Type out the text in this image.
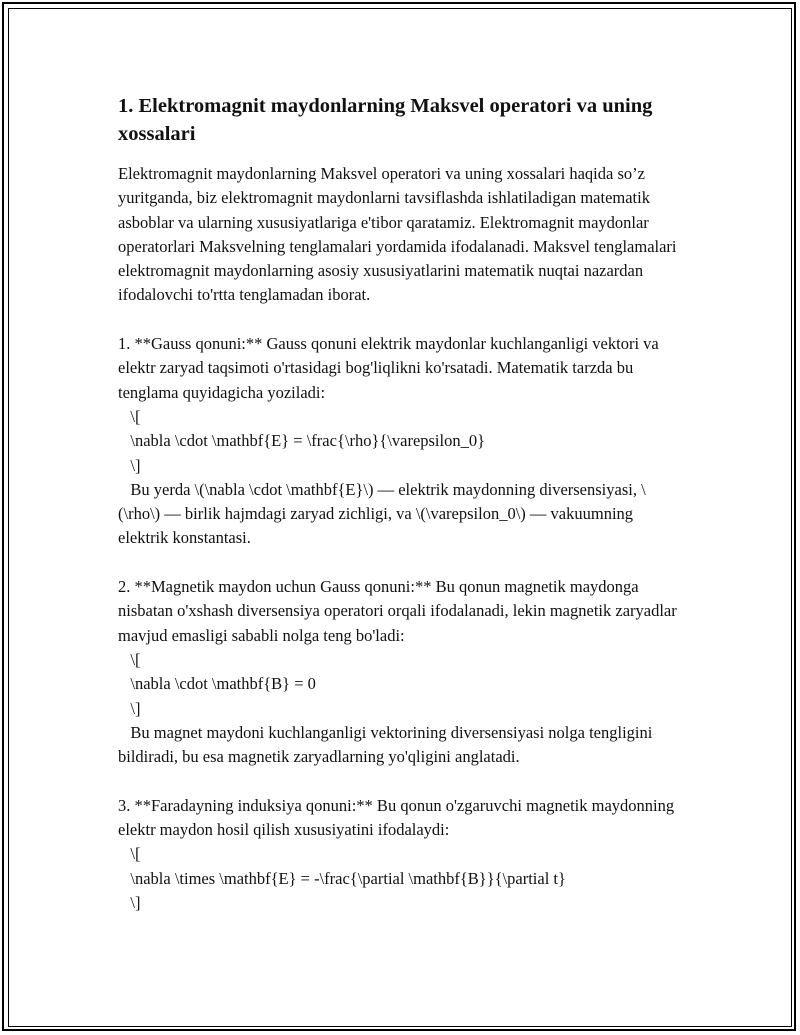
1. Elektromagnit maydonlarning Maksvel operatori va uning xossalari

Elektromagnit maydonlarning Maksvel operatori va uning xossalari haqida so’z yuritganda, biz elektromagnit maydonlarni tavsiflashda ishlatiladigan matematik asboblar va ularning xususiyatlariga e'tibor qaratamiz. Elektromagnit maydonlar operatorlari Maksvelning tenglamalari yordamida ifodalanadi. Maksvel tenglamalari elektromagnit maydonlarning asosiy xususiyatlarini matematik nuqtai nazardan ifodalovchi to'rtta tenglamadan iborat.

1. **Gauss qonuni:** Gauss qonuni elektrik maydonlar kuchlanganligi vektori va elektr zaryad taqsimoti o'rtasidagi bog'liqlikni ko'rsatadi. Matematik tarzda bu tenglama quyidagicha yoziladi:
\[
\nabla \cdot \mathbf{E} = \frac{\rho}{\varepsilon_0}
\]
Bu yerda \(\nabla \cdot \mathbf{E}\) — elektrik maydonning diversensiyasi, \(\rho\) — birlik hajmdagi zaryad zichligi, va \(\varepsilon_0\) — vakuumning elektrik konstantasi.

2. **Magnetik maydon uchun Gauss qonuni:** Bu qonun magnetik maydonga nisbatan o'xshash diversensiya operatori orqali ifodalanadi, lekin magnetik zaryadlar mavjud emasligi sababli nolga teng bo'ladi:
\[
\nabla \cdot \mathbf{B} = 0
\]
Bu magnet maydoni kuchlanganligi vektorining diversensiyasi nolga tengligini bildiradi, bu esa magnetik zaryadlarning yo'qligini anglatadi.

3. **Faradayning induksiya qonuni:** Bu qonun o'zgaruvchi magnetik maydonning elektr maydon hosil qilish xususiyatini ifodalaydi:
\[
\nabla \times \mathbf{E} = -\frac{\partial \mathbf{B}}{\partial t}
\]
